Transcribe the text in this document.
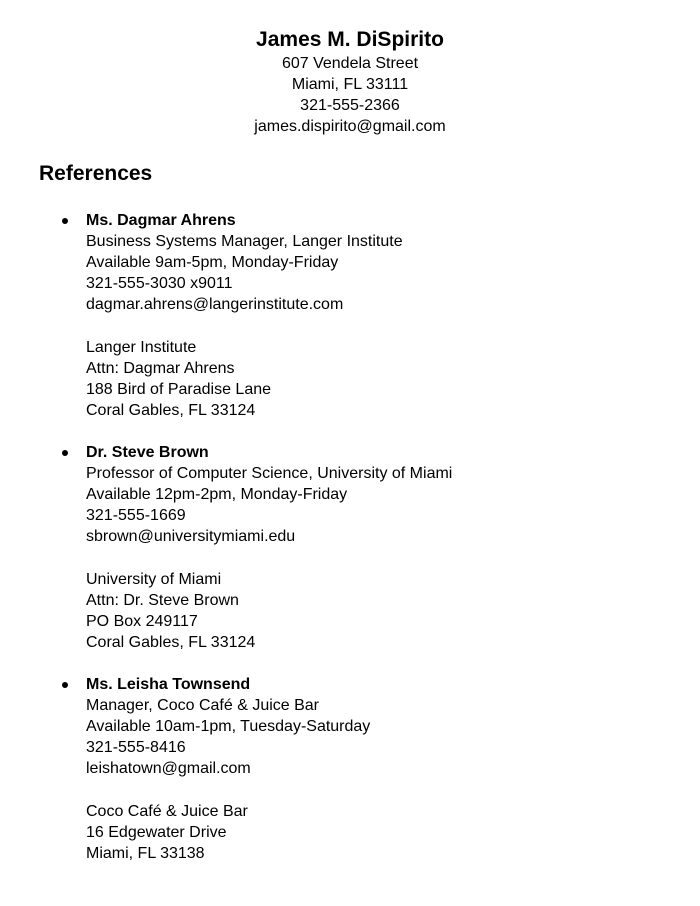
James M. DiSpirito
607 Vendela Street
Miami, FL 33111
321-555-2366
james.dispirito@gmail.com
References
Ms. Dagmar Ahrens
Business Systems Manager, Langer Institute
Available 9am-5pm, Monday-Friday
321-555-3030 x9011
dagmar.ahrens@langerinstitute.com
Langer Institute
Attn: Dagmar Ahrens
188 Bird of Paradise Lane
Coral Gables, FL 33124
Dr. Steve Brown
Professor of Computer Science, University of Miami
Available 12pm-2pm, Monday-Friday
321-555-1669
sbrown@universitymiami.edu
University of Miami
Attn: Dr. Steve Brown
PO Box 249117
Coral Gables, FL 33124
Ms. Leisha Townsend
Manager, Coco Café & Juice Bar
Available 10am-1pm, Tuesday-Saturday
321-555-8416
leishatown@gmail.com
Coco Café & Juice Bar
16 Edgewater Drive
Miami, FL 33138
